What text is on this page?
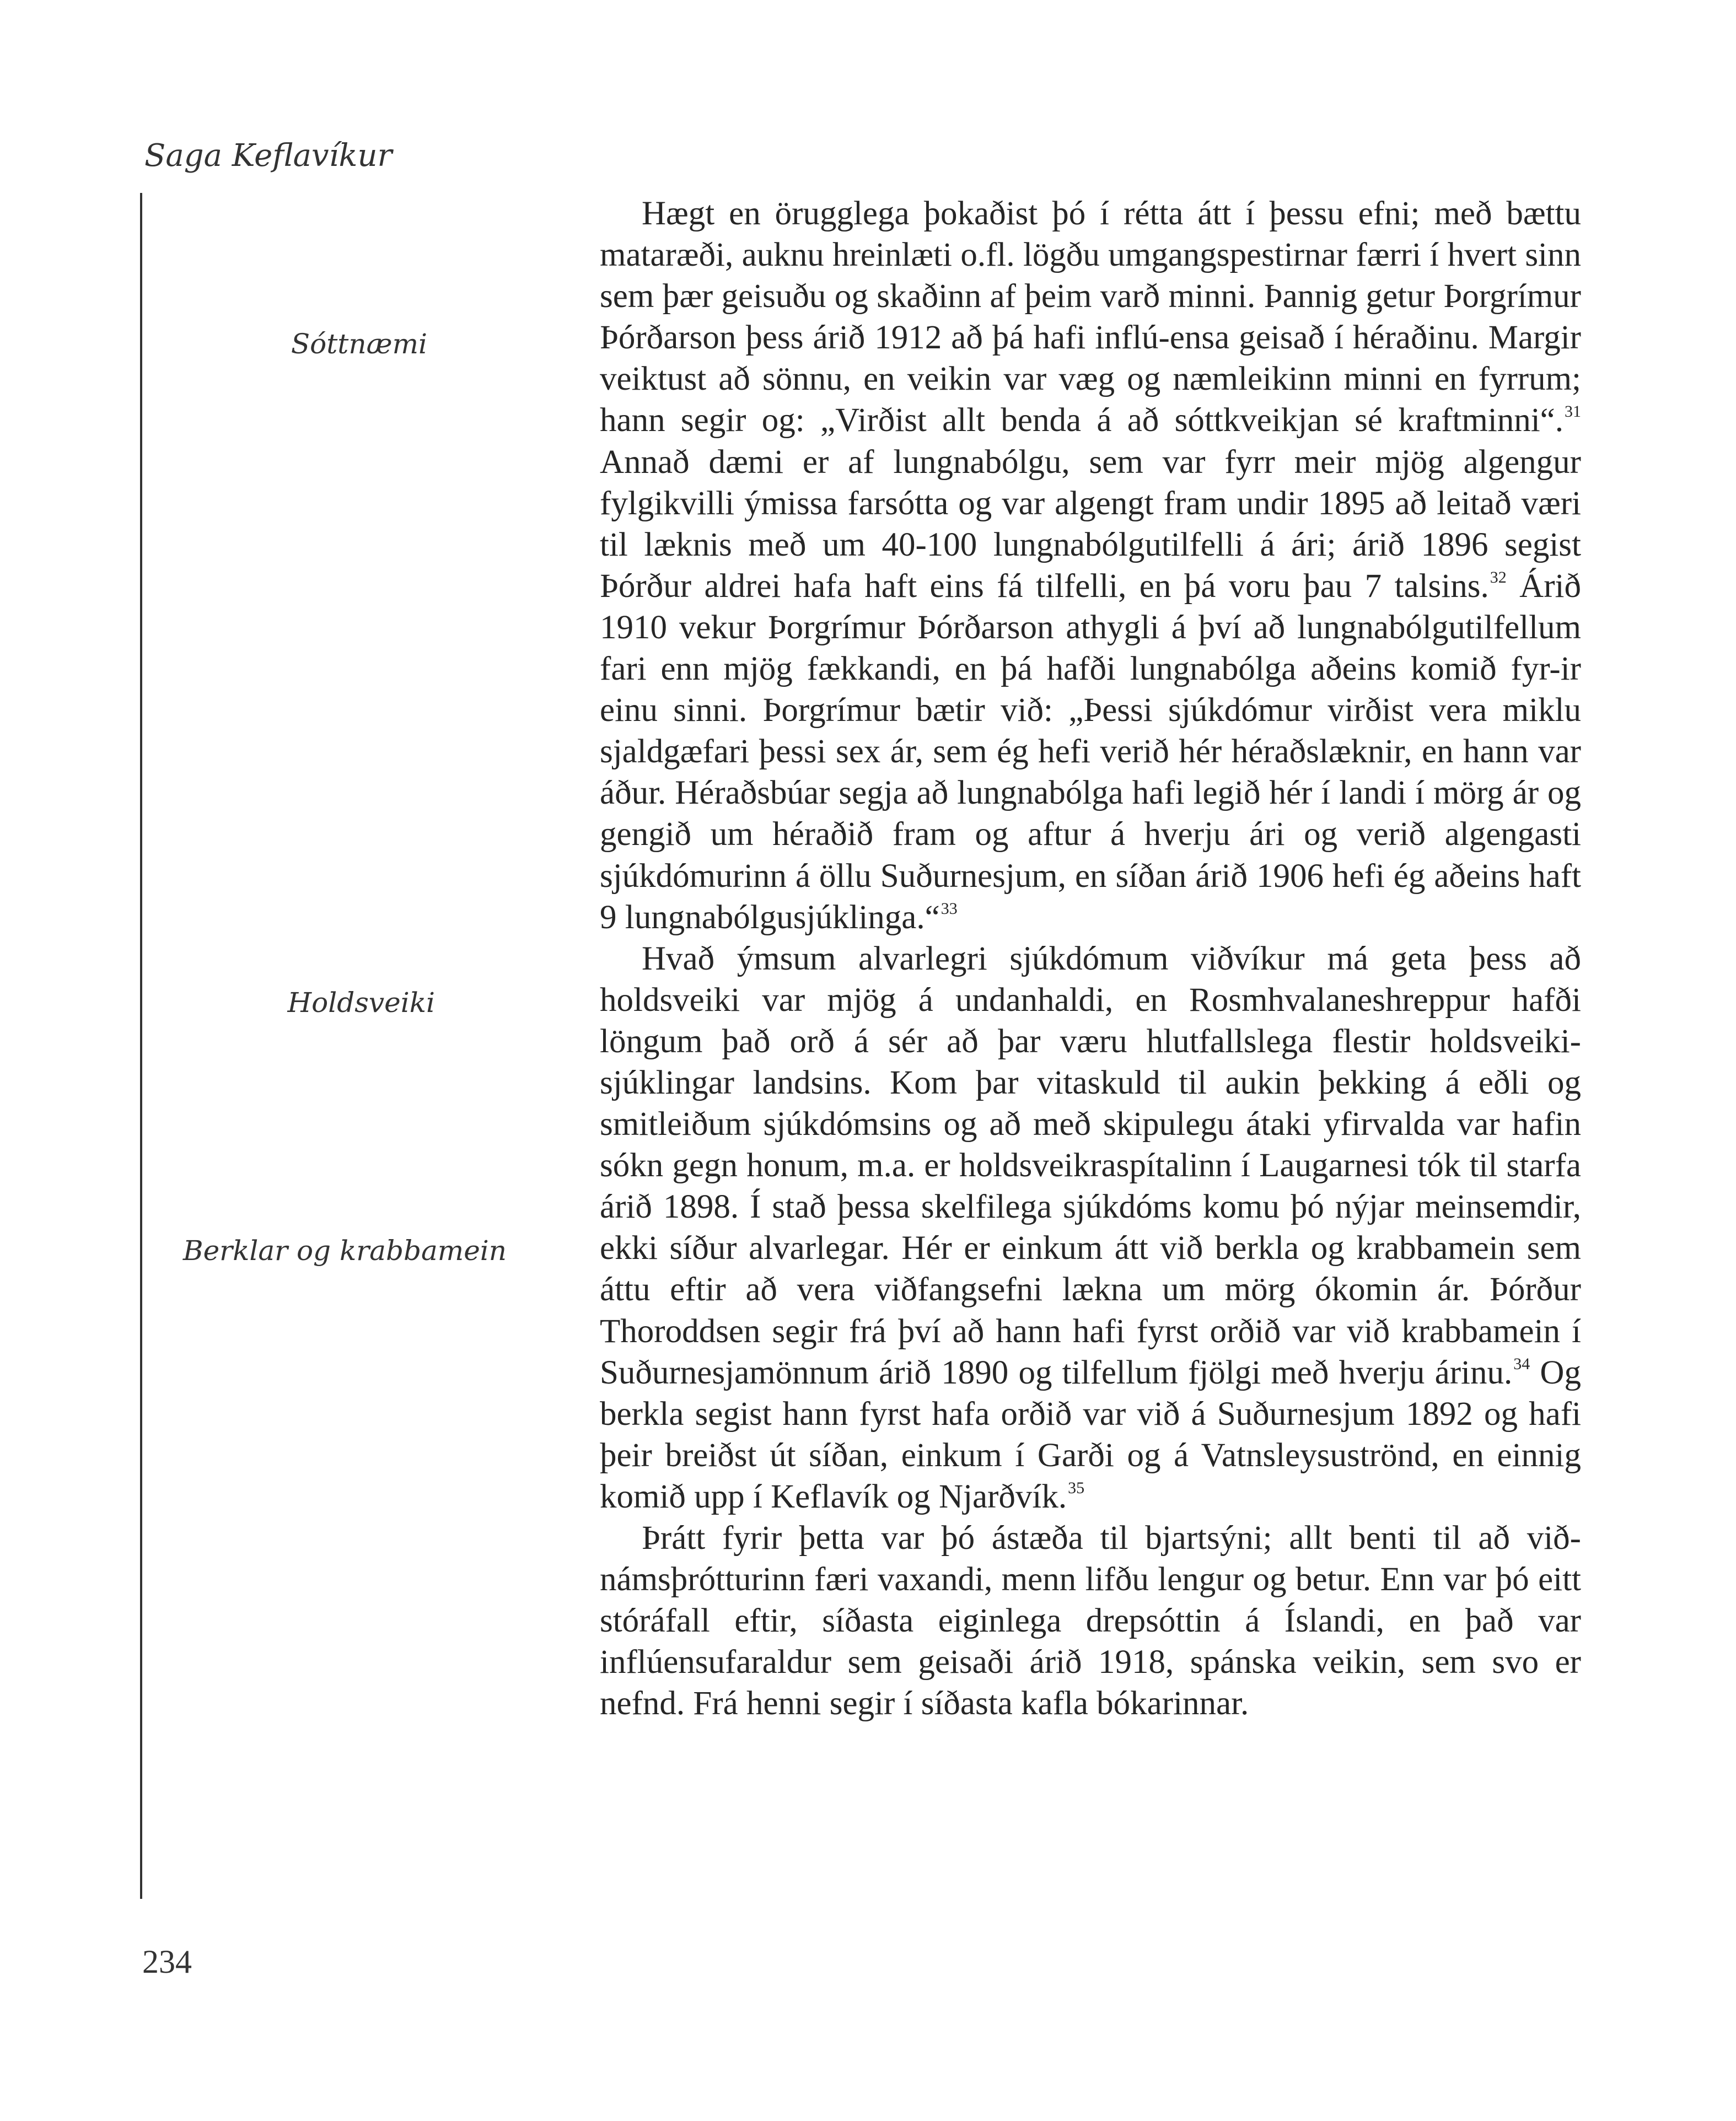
Saga Keflavíkur
Sóttnæmi
Holdsveiki
Berklar og krabbamein

Hægt en örugglega þokaðist þó í rétta átt í þessu efni; með bættu mataræði, auknu hreinlæti o.fl. lögðu umgangspestirnar færri í hvert sinn sem þær geisuðu og skaðinn af þeim varð minni. Þannig getur Þorgrímur Þórðarson þess árið 1912 að þá hafi inflú-ensa geisað í héraðinu. Margir veiktust að sönnu, en veikin var væg og næmleikinn minni en fyrrum; hann segir og: „Virðist allt benda á að sóttkveikjan sé kraftminni“.$^{31}$ Annað dæmi er af lungnabólgu, sem var fyrr meir mjög algengur fylgikvilli ýmissa farsótta og var algengt fram undir 1895 að leitað væri til læknis með um 40-100 lungnabólgutilfelli á ári; árið 1896 segist Þórður aldrei hafa haft eins fá tilfelli, en þá voru þau 7 talsins.$^{32}$ Árið 1910 vekur Þorgrímur Þórðarson athygli á því að lungnabólgutilfellum fari enn mjög fækkandi, en þá hafði lungnabólga aðeins komið fyr-ir einu sinni. Þorgrímur bætir við: „Þessi sjúkdómur virðist vera miklu sjaldgæfari þessi sex ár, sem ég hefi verið hér héraðslæknir, en hann var áður. Héraðsbúar segja að lungnabólga hafi legið hér í landi í mörg ár og gengið um héraðið fram og aftur á hverju ári og verið algengasti sjúkdómurinn á öllu Suðurnesjum, en síðan árið 1906 hefi ég aðeins haft 9 lungnabólgusjúklinga.“$^{33}$

Hvað ýmsum alvarlegri sjúkdómum viðvíkur má geta þess að holdsveiki var mjög á undanhaldi, en Rosmhvalaneshreppur hafði löngum það orð á sér að þar væru hlutfallslega flestir holdsveiki-sjúklingar landsins. Kom þar vitaskuld til aukin þekking á eðli og smitleiðum sjúkdómsins og að með skipulegu átaki yfirvalda var hafin sókn gegn honum, m.a. er holdsveikraspítalinn í Laugarnesi tók til starfa árið 1898. Í stað þessa skelfilega sjúkdóms komu þó nýjar meinsemdir, ekki síður alvarlegar. Hér er einkum átt við berkla og krabbamein sem áttu eftir að vera viðfangsefni lækna um mörg ókomin ár. Þórður Thoroddsen segir frá því að hann hafi fyrst orðið var við krabbamein í Suðurnesjamönnum árið 1890 og tilfellum fjölgi með hverju árinu.$^{34}$ Og berkla segist hann fyrst hafa orðið var við á Suðurnesjum 1892 og hafi þeir breiðst út síðan, einkum í Garði og á Vatnsleysuströnd, en einnig komið upp í Keflavík og Njarðvík.$^{35}$

Þrátt fyrir þetta var þó ástæða til bjartsýni; allt benti til að við-námsþrótturinn færi vaxandi, menn lifðu lengur og betur. Enn var þó eitt stóráfall eftir, síðasta eiginlega drepsóttin á Íslandi, en það var inflúensufaraldur sem geisaði árið 1918, spánska veikin, sem svo er nefnd. Frá henni segir í síðasta kafla bókarinnar.

234
